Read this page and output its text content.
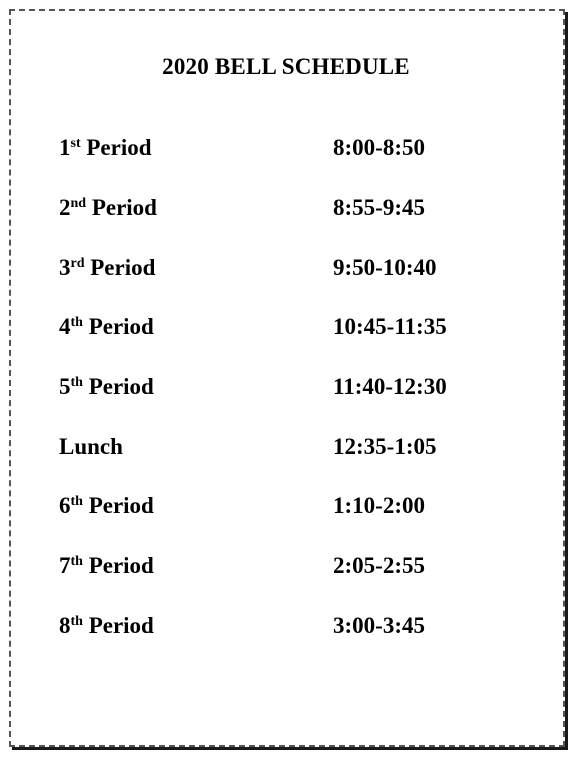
2020 BELL SCHEDULE
1st Period	8:00-8:50
2nd Period	8:55-9:45
3rd Period	9:50-10:40
4th Period	10:45-11:35
5th Period	11:40-12:30
Lunch	12:35-1:05
6th Period	1:10-2:00
7th Period	2:05-2:55
8th Period	3:00-3:45
